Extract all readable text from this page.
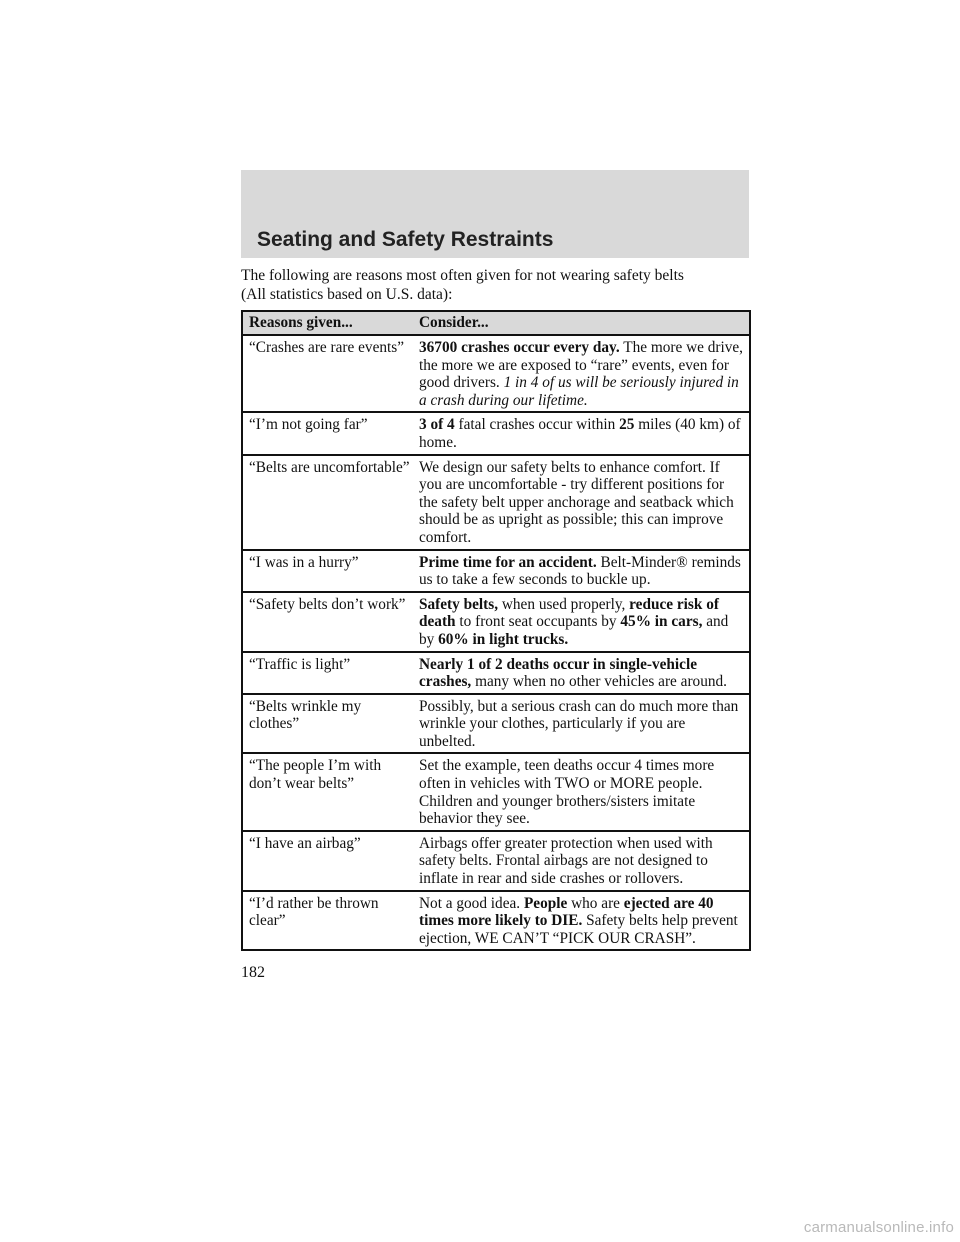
Seating and Safety Restraints
The following are reasons most often given for not wearing safety belts
(All statistics based on U.S. data):
Reasons given...	Consider...
“Crashes are rare events”	36700 crashes occur every day. The more we drive, the more we are exposed to “rare” events, even for good drivers. 1 in 4 of us will be seriously injured in a crash during our lifetime.
“I’m not going far”	3 of 4 fatal crashes occur within 25 miles (40 km) of home.
“Belts are uncomfortable”	We design our safety belts to enhance comfort. If you are uncomfortable - try different positions for the safety belt upper anchorage and seatback which should be as upright as possible; this can improve comfort.
“I was in a hurry”	Prime time for an accident. Belt-Minder® reminds us to take a few seconds to buckle up.
“Safety belts don’t work”	Safety belts, when used properly, reduce risk of death to front seat occupants by 45% in cars, and by 60% in light trucks.
“Traffic is light”	Nearly 1 of 2 deaths occur in single-vehicle crashes, many when no other vehicles are around.
“Belts wrinkle my clothes”	Possibly, but a serious crash can do much more than wrinkle your clothes, particularly if you are unbelted.
“The people I’m with don’t wear belts”	Set the example, teen deaths occur 4 times more often in vehicles with TWO or MORE people. Children and younger brothers/sisters imitate behavior they see.
“I have an airbag”	Airbags offer greater protection when used with safety belts. Frontal airbags are not designed to inflate in rear and side crashes or rollovers.
“I’d rather be thrown clear”	Not a good idea. People who are ejected are 40 times more likely to DIE. Safety belts help prevent ejection, WE CAN’T “PICK OUR CRASH”.
182
carmanualsonline.info
